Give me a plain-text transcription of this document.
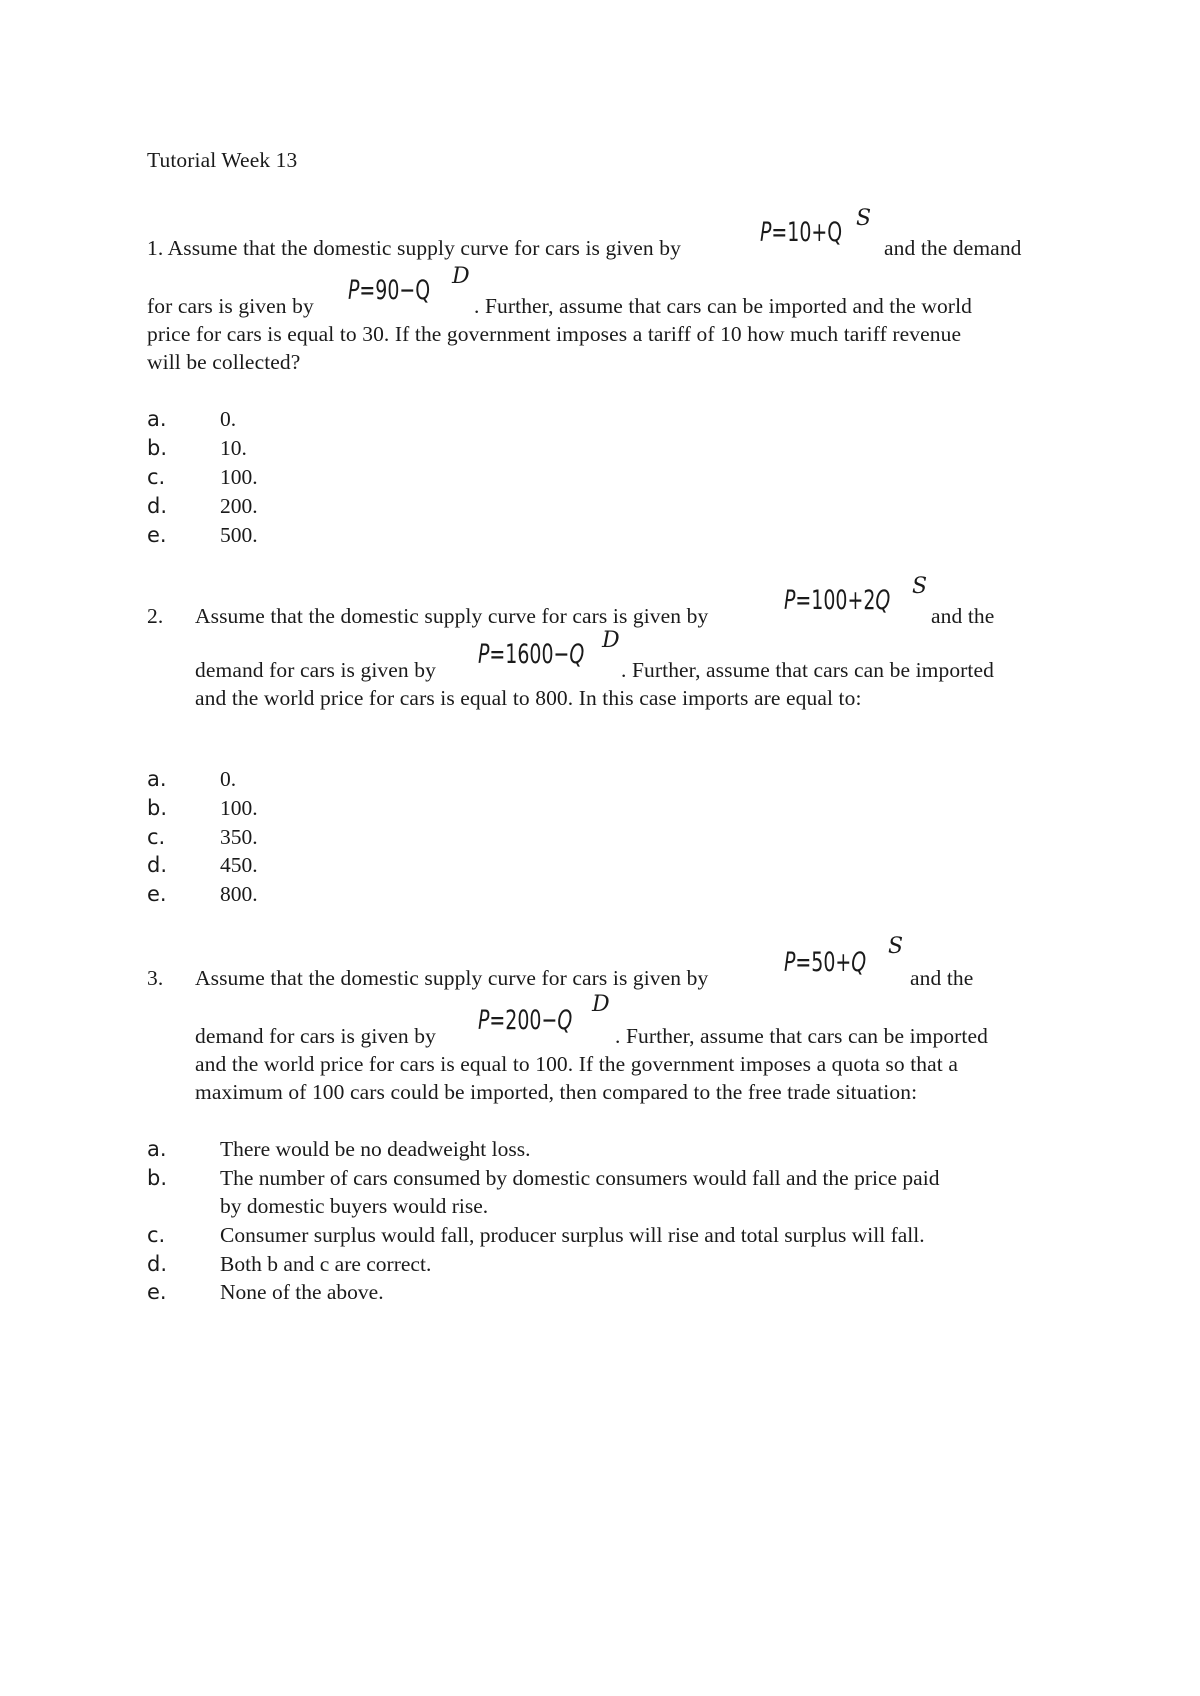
Tutorial Week 13
1. Assume that the domestic supply curve for cars is given by	P=10+Q S
and the demand
for cars is given by P=90−Q D
. Further, assume that cars can be imported and the world
price for cars is equal to 30. If the government imposes a tariff of 10 how much tariff revenue
will be collected?
a. 0.
b. 10.
c.	100.
d. 200.
e. 500.
2. Assume that the domestic supply curve for cars is given by	P=100+2Q S
and the
demand for cars is given by P=1600−Q D
. Further, assume that cars can be imported
and the world price for cars is equal to 800. In this case imports are equal to:
a. 0.
b. 100.
c.	350.
d. 450.
e. 800.
3. Assume that the domestic supply curve for cars is given by	P=50+Q
S
and the
demand for cars is given by P=200−Q
D
. Further, assume that cars can be imported
and the world price for cars is equal to 100. If the government imposes a quota so that a
maximum of 100 cars could be imported, then compared to the free trade situation:
a. There would be no deadweight loss.
b. The number of cars consumed by domestic consumers would fall and the price paid
by domestic buyers would rise.
c.	Consumer surplus would fall, producer surplus will rise and total surplus will fall.
d. Both b and c are correct.
e. None of the above.
